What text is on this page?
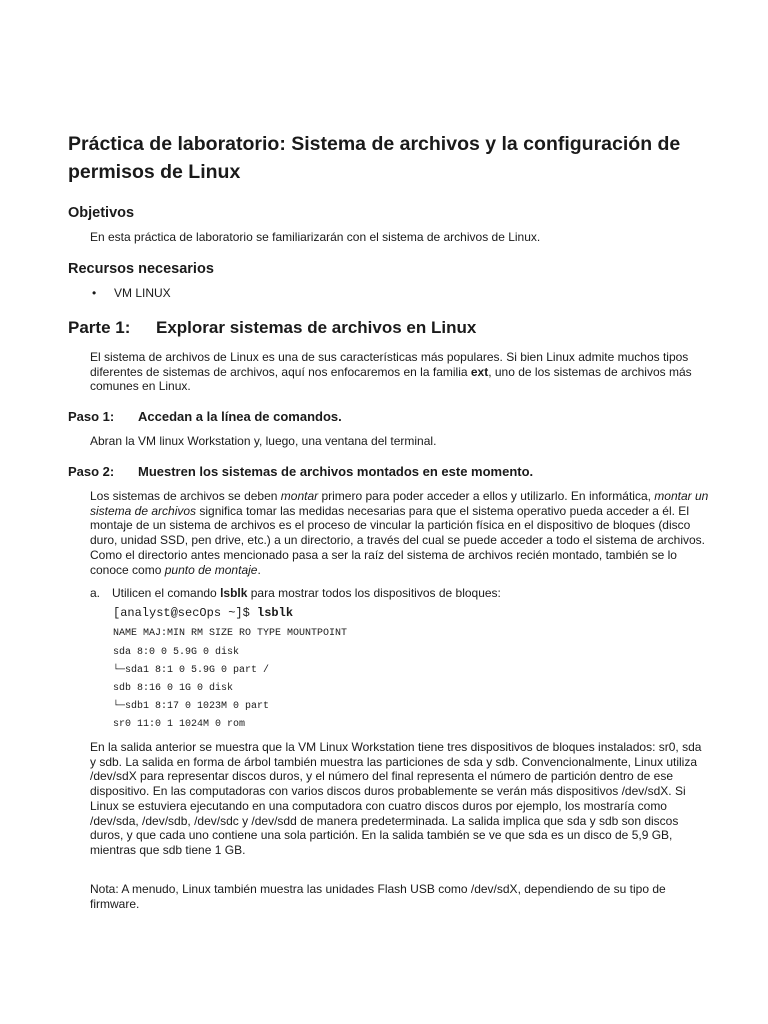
Práctica de laboratorio: Sistema de archivos y la configuración de permisos de Linux
Objetivos

En esta práctica de laboratorio se familiarizarán con el sistema de archivos de Linux.

Recursos necesarios
• VM LINUX
Parte 1: Explorar sistemas de archivos en Linux

El sistema de archivos de Linux es una de sus características más populares. Si bien Linux admite muchos tipos diferentes de sistemas de archivos, aquí nos enfocaremos en la familia ext, uno de los sistemas de archivos más comunes en Linux.

Paso 1: Accedan a la línea de comandos.

Abran la VM linux Workstation y, luego, una ventana del terminal.

Paso 2: Muestren los sistemas de archivos montados en este momento.

Los sistemas de archivos se deben montar primero para poder acceder a ellos y utilizarlo. En informática, montar un sistema de archivos significa tomar las medidas necesarias para que el sistema operativo pueda acceder a él. El montaje de un sistema de archivos es el proceso de vincular la partición física en el dispositivo de bloques (disco duro, unidad SSD, pen drive, etc.) a un directorio, a través del cual se puede acceder a todo el sistema de archivos. Como el directorio antes mencionado pasa a ser la raíz del sistema de archivos recién montado, también se lo conoce como punto de montaje.

a. Utilicen el comando lsblk para mostrar todos los dispositivos de bloques:
[analyst@secOps ~]$ lsblk
NAME MAJ:MIN RM SIZE RO TYPE MOUNTPOINT
sda 8:0 0 5.9G 0 disk
└─sda1 8:1 0 5.9G 0 part /
sdb 8:16 0 1G 0 disk
└─sdb1 8:17 0 1023M 0 part
sr0 11:0 1 1024M 0 rom

En la salida anterior se muestra que la VM Linux Workstation tiene tres dispositivos de bloques instalados: sr0, sda y sdb. La salida en forma de árbol también muestra las particiones de sda y sdb. Convencionalmente, Linux utiliza /dev/sdX para representar discos duros, y el número del final representa el número de partición dentro de ese dispositivo. En las computadoras con varios discos duros probablemente se verán más dispositivos /dev/sdX. Si Linux se estuviera ejecutando en una computadora con cuatro discos duros por ejemplo, los mostraría como /dev/sda, /dev/sdb, /dev/sdc y /dev/sdd de manera predeterminada. La salida implica que sda y sdb son discos duros, y que cada uno contiene una sola partición. En la salida también se ve que sda es un disco de 5,9 GB, mientras que sdb tiene 1 GB.

Nota: A menudo, Linux también muestra las unidades Flash USB como /dev/sdX, dependiendo de su tipo de firmware.
